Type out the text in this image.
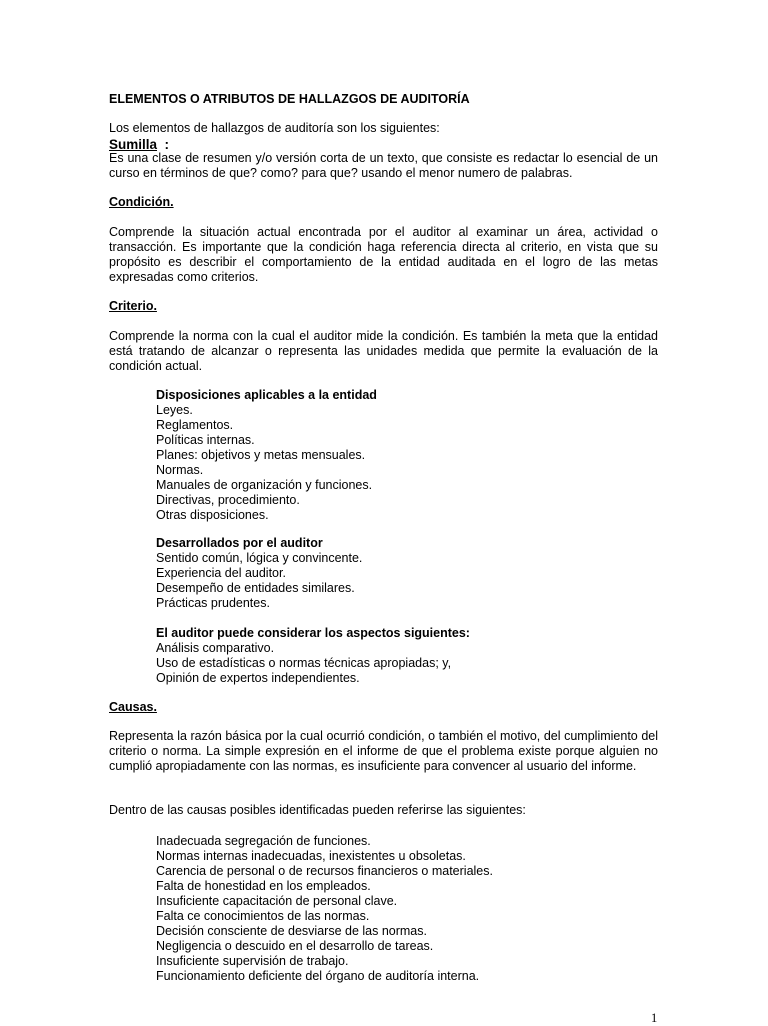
ELEMENTOS O ATRIBUTOS DE HALLAZGOS DE AUDITORÍA
Los elementos de hallazgos de auditoría son los siguientes:
Sumilla :
Es una clase de resumen y/o versión corta de un texto, que consiste es redactar lo esencial de un curso en términos de que? como? para que? usando el menor numero de palabras.
Condición.
Comprende la situación actual encontrada por el auditor al examinar un área, actividad o transacción. Es importante que la condición haga referencia directa al criterio, en vista que su propósito es describir el comportamiento de la entidad auditada en el logro de las metas expresadas como criterios.
Criterio.
Comprende la norma con la cual el auditor mide la condición. Es también la meta que la entidad está tratando de alcanzar o representa las unidades medida que permite la evaluación de la condición actual.
Disposiciones aplicables a la entidad
Leyes.
Reglamentos.
Políticas internas.
Planes: objetivos y metas mensuales.
Normas.
Manuales de organización y funciones.
Directivas, procedimiento.
Otras disposiciones.
Desarrollados por el auditor
Sentido común, lógica y convincente.
Experiencia del auditor.
Desempeño de entidades similares.
Prácticas prudentes.
El auditor puede considerar los aspectos siguientes:
Análisis comparativo.
Uso de estadísticas o normas técnicas apropiadas; y,
Opinión de expertos independientes.
Causas.
Representa la razón básica por la cual ocurrió condición, o también el motivo, del cumplimiento del criterio o norma. La simple expresión en el informe de que el problema existe porque alguien no cumplió apropiadamente con las normas, es insuficiente para convencer al usuario del informe.
Dentro de las causas posibles identificadas pueden referirse las siguientes:
Inadecuada segregación de funciones.
Normas internas inadecuadas, inexistentes u obsoletas.
Carencia de personal o de recursos financieros o materiales.
Falta de honestidad en los empleados.
Insuficiente capacitación de personal clave.
Falta ce conocimientos de las normas.
Decisión consciente de desviarse de las normas.
Negligencia o descuido en el desarrollo de tareas.
Insuficiente supervisión de trabajo.
Funcionamiento deficiente del órgano de auditoría interna.
1
